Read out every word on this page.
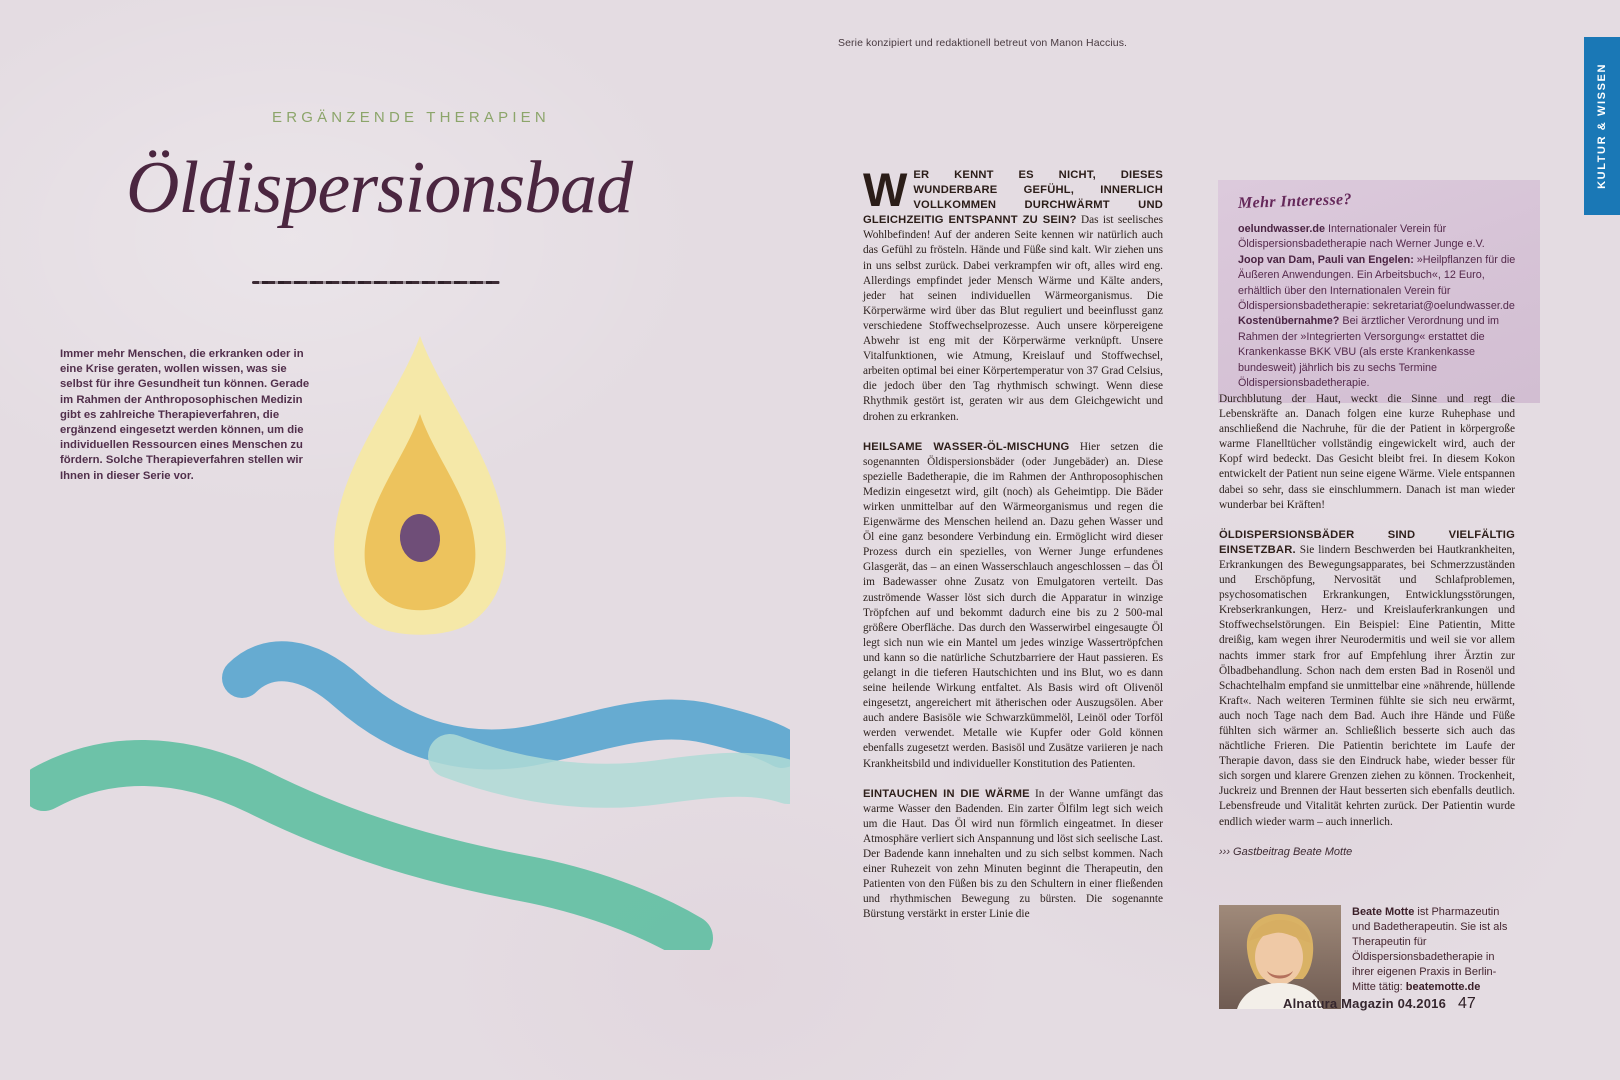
Serie konzipiert und redaktionell betreut von Manon Haccius.
KULTUR & WISSEN
ERGÄNZENDE THERAPIEN
Öldispersionsbad
Immer mehr Menschen, die erkranken oder in eine Krise geraten, wollen wissen, was sie selbst für ihre Gesundheit tun können. Gerade im Rahmen der Anthroposophischen Medizin gibt es zahlreiche Therapieverfahren, die ergänzend eingesetzt werden können, um die individuellen Ressourcen eines Menschen zu fördern. Solche Therapieverfahren stellen wir Ihnen in dieser Serie vor.

WER KENNT ES NICHT, DIESES WUNDERBARE GEFÜHL, INNERLICH VOLLKOMMEN DURCHWÄRMT UND GLEICHZEITIG ENTSPANNT ZU SEIN? Das ist seelisches Wohlbefinden! Auf der anderen Seite kennen wir natürlich auch das Gefühl zu frösteln. Hände und Füße sind kalt. Wir ziehen uns in uns selbst zurück. Dabei verkrampfen wir oft, alles wird eng. Allerdings empfindet jeder Mensch Wärme und Kälte anders, jeder hat seinen individuellen Wärmeorganismus. Die Körperwärme wird über das Blut reguliert und beeinflusst ganz verschiedene Stoffwechselprozesse. Auch unsere körpereigene Abwehr ist eng mit der Körperwärme verknüpft. Unsere Vitalfunktionen, wie Atmung, Kreislauf und Stoffwechsel, arbeiten optimal bei einer Körpertemperatur von 37 Grad Celsius, die jedoch über den Tag rhythmisch schwingt. Wenn diese Rhythmik gestört ist, geraten wir aus dem Gleichgewicht und drohen zu erkranken.

HEILSAME WASSER-ÖL-MISCHUNG Hier setzen die sogenannten Öldispersionsbäder (oder Jungebäder) an. Diese spezielle Badetherapie, die im Rahmen der Anthroposophischen Medizin eingesetzt wird, gilt (noch) als Geheimtipp. Die Bäder wirken unmittelbar auf den Wärmeorganismus und regen die Eigenwärme des Menschen heilend an. Dazu gehen Wasser und Öl eine ganz besondere Verbindung ein. Ermöglicht wird dieser Prozess durch ein spezielles, von Werner Junge erfundenes Glasgerät, das – an einen Wasserschlauch angeschlossen – das Öl im Badewasser ohne Zusatz von Emulgatoren verteilt. Das zuströmende Wasser löst sich durch die Apparatur in winzige Tröpfchen auf und bekommt dadurch eine bis zu 2 500-mal größere Oberfläche. Das durch den Wasserwirbel eingesaugte Öl legt sich nun wie ein Mantel um jedes winzige Wassertröpfchen und kann so die natürliche Schutzbarriere der Haut passieren. Es gelangt in die tieferen Hautschichten und ins Blut, wo es dann seine heilende Wirkung entfaltet. Als Basis wird oft Olivenöl eingesetzt, angereichert mit ätherischen oder Auszugsölen. Aber auch andere Basisöle wie Schwarzkümmelöl, Leinöl oder Torföl werden verwendet. Metalle wie Kupfer oder Gold können ebenfalls zugesetzt werden. Basisöl und Zusätze variieren je nach Krankheitsbild und individueller Konstitution des Patienten.

EINTAUCHEN IN DIE WÄRME In der Wanne umfängt das warme Wasser den Badenden. Ein zarter Ölfilm legt sich weich um die Haut. Das Öl wird nun förmlich eingeatmet. In dieser Atmosphäre verliert sich Anspannung und löst sich seelische Last. Der Badende kann innehalten und zu sich selbst kommen. Nach einer Ruhezeit von zehn Minuten beginnt die Therapeutin, den Patienten von den Füßen bis zu den Schultern in einer fließenden und rhythmischen Bewegung zu bürsten. Die sogenannte Bürstung verstärkt in erster Linie die

Mehr Interesse?

oelundwasser.de Internationaler Verein für Öldispersionsbadetherapie nach Werner Junge e.V.

Joop van Dam, Pauli van Engelen: »Heilpflanzen für die Äußeren Anwendungen. Ein Arbeitsbuch«, 12 Euro, erhältlich über den Internationalen Verein für Öldispersionsbadetherapie: sekretariat@oelundwasser.de

Kostenübernahme? Bei ärztlicher Verordnung und im Rahmen der »Integrierten Versorgung« erstattet die Krankenkasse BKK VBU (als erste Krankenkasse bundesweit) jährlich bis zu sechs Termine Öldispersionsbadetherapie.

Durchblutung der Haut, weckt die Sinne und regt die Lebenskräfte an. Danach folgen eine kurze Ruhephase und anschließend die Nachruhe, für die der Patient in körpergroße warme Flanelltücher vollständig eingewickelt wird, auch der Kopf wird bedeckt. Das Gesicht bleibt frei. In diesem Kokon entwickelt der Patient nun seine eigene Wärme. Viele entspannen dabei so sehr, dass sie einschlummern. Danach ist man wieder wunderbar bei Kräften!

ÖLDISPERSIONSBÄDER SIND VIELFÄLTIG EINSETZBAR. Sie lindern Beschwerden bei Hautkrankheiten, Erkrankungen des Bewegungsapparates, bei Schmerzzuständen und Erschöpfung, Nervosität und Schlafproblemen, psychosomatischen Erkrankungen, Entwicklungsstörungen, Krebserkrankungen, Herz- und Kreislauferkrankungen und Stoffwechselstörungen. Ein Beispiel: Eine Patientin, Mitte dreißig, kam wegen ihrer Neurodermitis und weil sie vor allem nachts immer stark fror auf Empfehlung ihrer Ärztin zur Ölbadbehandlung. Schon nach dem ersten Bad in Rosenöl und Schachtelhalm empfand sie unmittelbar eine »nährende, hüllende Kraft«. Nach weiteren Terminen fühlte sie sich neu erwärmt, auch noch Tage nach dem Bad. Auch ihre Hände und Füße fühlten sich wärmer an. Schließlich besserte sich auch das nächtliche Frieren. Die Patientin berichtete im Laufe der Therapie davon, dass sie den Eindruck habe, wieder besser für sich sorgen und klarere Grenzen ziehen zu können. Trockenheit, Juckreiz und Brennen der Haut besserten sich ebenfalls deutlich. Lebensfreude und Vitalität kehrten zurück. Der Patientin wurde endlich wieder warm – auch innerlich.

››› Gastbeitrag Beate Motte

Beate Motte ist Pharmazeutin und Badetherapeutin. Sie ist als Therapeutin für Öldispersionsbadetherapie in ihrer eigenen Praxis in Berlin-Mitte tätig: beatemotte.de
Alnatura Magazin 04.2016 47
